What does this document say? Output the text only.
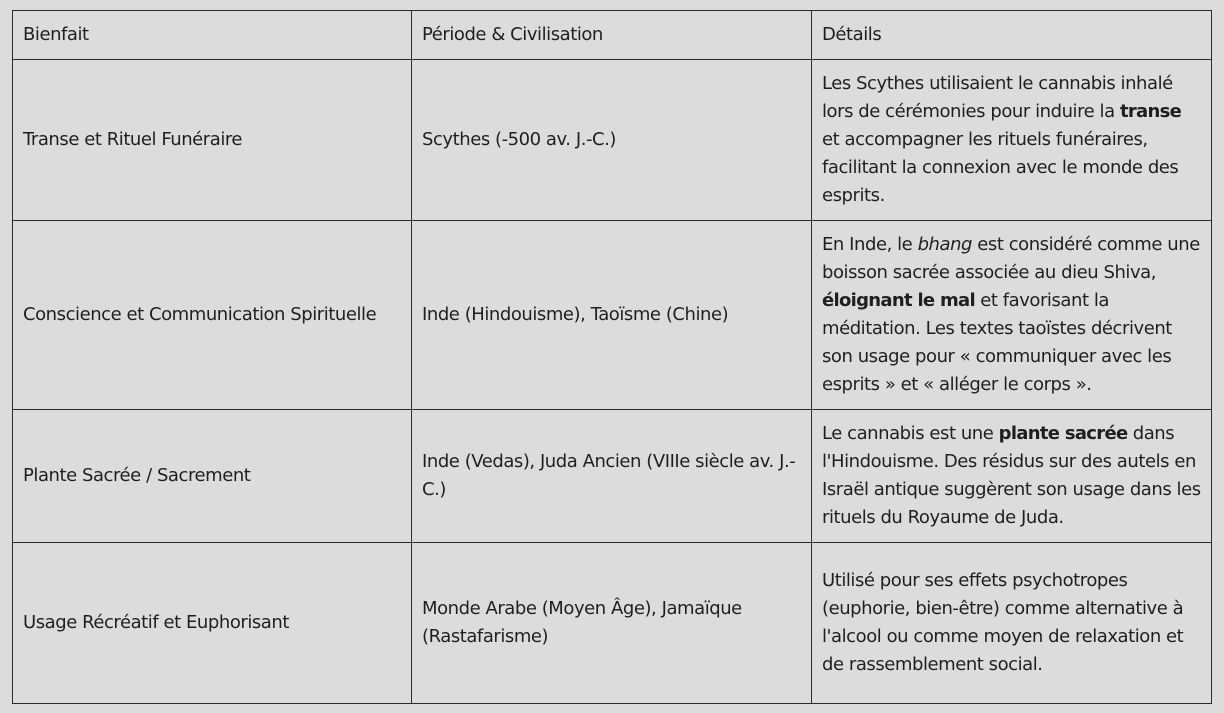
Bienfait	Période & Civilisation	Détails
Transe et Rituel Funéraire	Scythes (-500 av. J.-C.)	Les Scythes utilisaient le cannabis inhalé lors de cérémonies pour induire la transe et accompagner les rituels funéraires, facilitant la connexion avec le monde des esprits.
Conscience et Communication Spirituelle	Inde (Hindouisme), Taoïsme (Chine)	En Inde, le bhang est considéré comme une boisson sacrée associée au dieu Shiva, éloignant le mal et favorisant la méditation. Les textes taoïstes décrivent son usage pour « communiquer avec les esprits » et « alléger le corps ».
Plante Sacrée / Sacrement	Inde (Vedas), Juda Ancien (VIIIe siècle av. J.-C.)	Le cannabis est une plante sacrée dans l'Hindouisme. Des résidus sur des autels en Israël antique suggèrent son usage dans les rituels du Royaume de Juda.
Usage Récréatif et Euphorisant	Monde Arabe (Moyen Âge), Jamaïque (Rastafarisme)	Utilisé pour ses effets psychotropes (euphorie, bien-être) comme alternative à l'alcool ou comme moyen de relaxation et de rassemblement social.
